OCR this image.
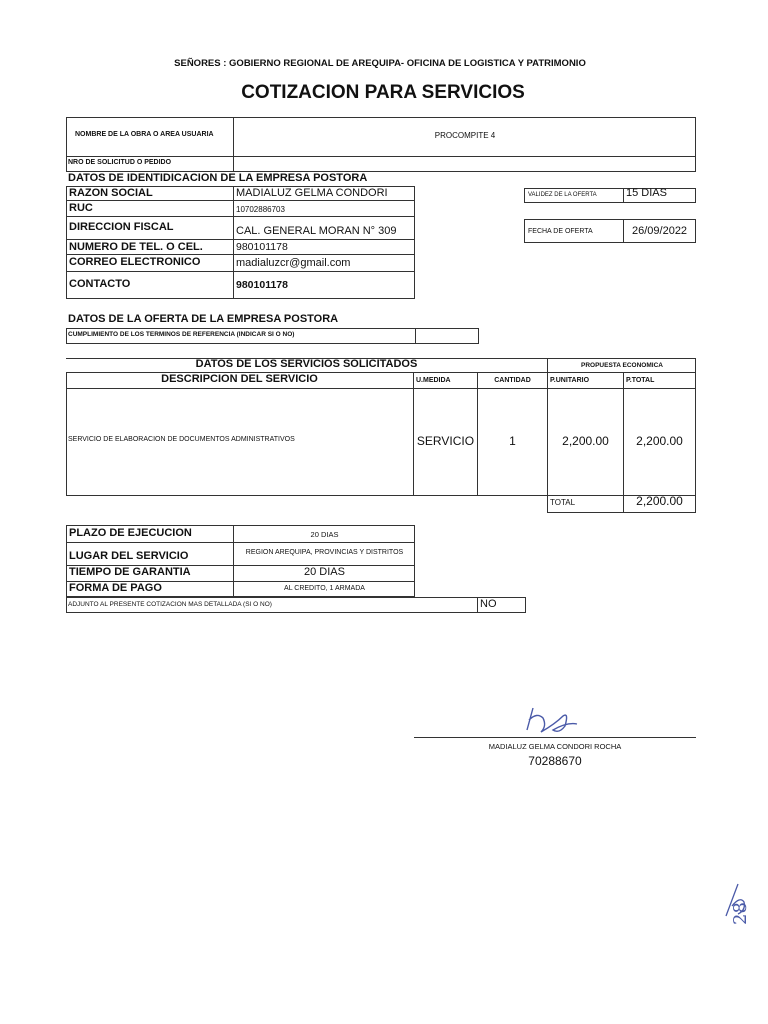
SEÑORES : GOBIERNO REGIONAL DE AREQUIPA- OFICINA DE LOGISTICA Y PATRIMONIO
COTIZACION PARA SERVICIOS
NOMBRE DE LA OBRA O AREA USUARIA	PROCOMPITE 4
NRO DE SOLICITUD O PEDIDO
DATOS DE IDENTIDICACION DE LA EMPRESA POSTORA
RAZON SOCIAL	MADIALUZ GELMA CONDORI
RUC	10702886703
DIRECCION FISCAL	CAL. GENERAL MORAN N° 309
NUMERO DE TEL. O CEL.	980101178
CORREO ELECTRONICO	madialuzcr@gmail.com
CONTACTO	980101178
VALIDEZ DE LA OFERTA	15 DIAS
FECHA DE OFERTA	26/09/2022
DATOS DE LA OFERTA DE LA EMPRESA POSTORA
CUMPLIMIENTO DE LOS TERMINOS DE REFERENCIA (INDICAR SI O NO)
DATOS DE LOS SERVICIOS SOLICITADOS	PROPUESTA ECONOMICA
DESCRIPCION DEL SERVICIO	U.MEDIDA	CANTIDAD	P.UNITARIO	P.TOTAL
SERVICIO DE ELABORACION DE DOCUMENTOS ADMINISTRATIVOS	SERVICIO	1	2,200.00	2,200.00
TOTAL	2,200.00
PLAZO DE EJECUCION	20 DIAS
LUGAR DEL SERVICIO	REGION AREQUIPA, PROVINCIAS Y DISTRITOS
TIEMPO DE GARANTIA	20 DIAS
FORMA DE PAGO	AL CREDITO, 1 ARMADA
ADJUNTO AL PRESENTE COTIZACION MAS DETALLADA (SI O NO)	NO
MADIALUZ GELMA CONDORI ROCHA
70288670
28
